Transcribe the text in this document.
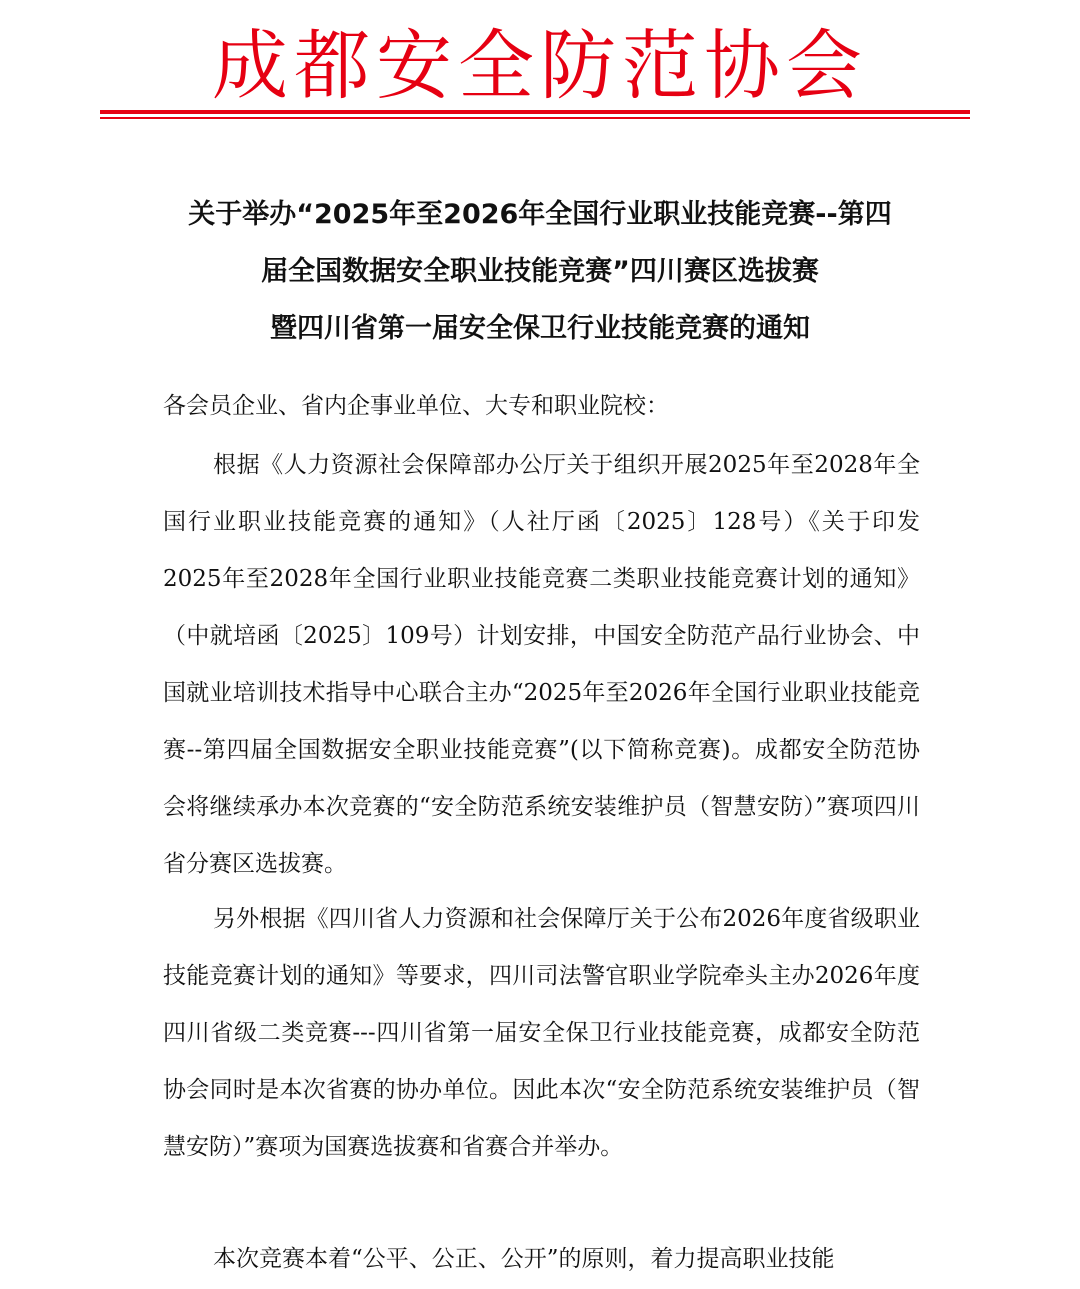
成都安全防范协会
关于举办“2025年至2026年全国行业职业技能竞赛--第四
届全国数据安全职业技能竞赛”四川赛区选拔赛
暨四川省第一届安全保卫行业技能竞赛的通知
各会员企业、省内企事业单位、大专和职业院校：

根据《人力资源社会保障部办公厅关于组织开展2025年至2028年全国行业职业技能竞赛的通知》（人社厅函〔2025〕128号）《关于印发2025年至2028年全国行业职业技能竞赛二类职业技能竞赛计划的通知》（中就培函〔2025〕109号）计划安排，中国安全防范产品行业协会、中国就业培训技术指导中心联合主办“2025年至2026年全国行业职业技能竞赛--第四届全国数据安全职业技能竞赛”(以下简称竞赛)。成都安全防范协会将继续承办本次竞赛的“安全防范系统安装维护员（智慧安防）”赛项四川省分赛区选拔赛。

另外根据《四川省人力资源和社会保障厅关于公布2026年度省级职业技能竞赛计划的通知》等要求，四川司法警官职业学院牵头主办2026年度四川省级二类竞赛---四川省第一届安全保卫行业技能竞赛，成都安全防范协会同时是本次省赛的协办单位。因此本次“安全防范系统安装维护员（智慧安防）”赛项为国赛选拔赛和省赛合并举办。

本次竞赛本着“公平、公正、公开”的原则，着力提高职业技能
